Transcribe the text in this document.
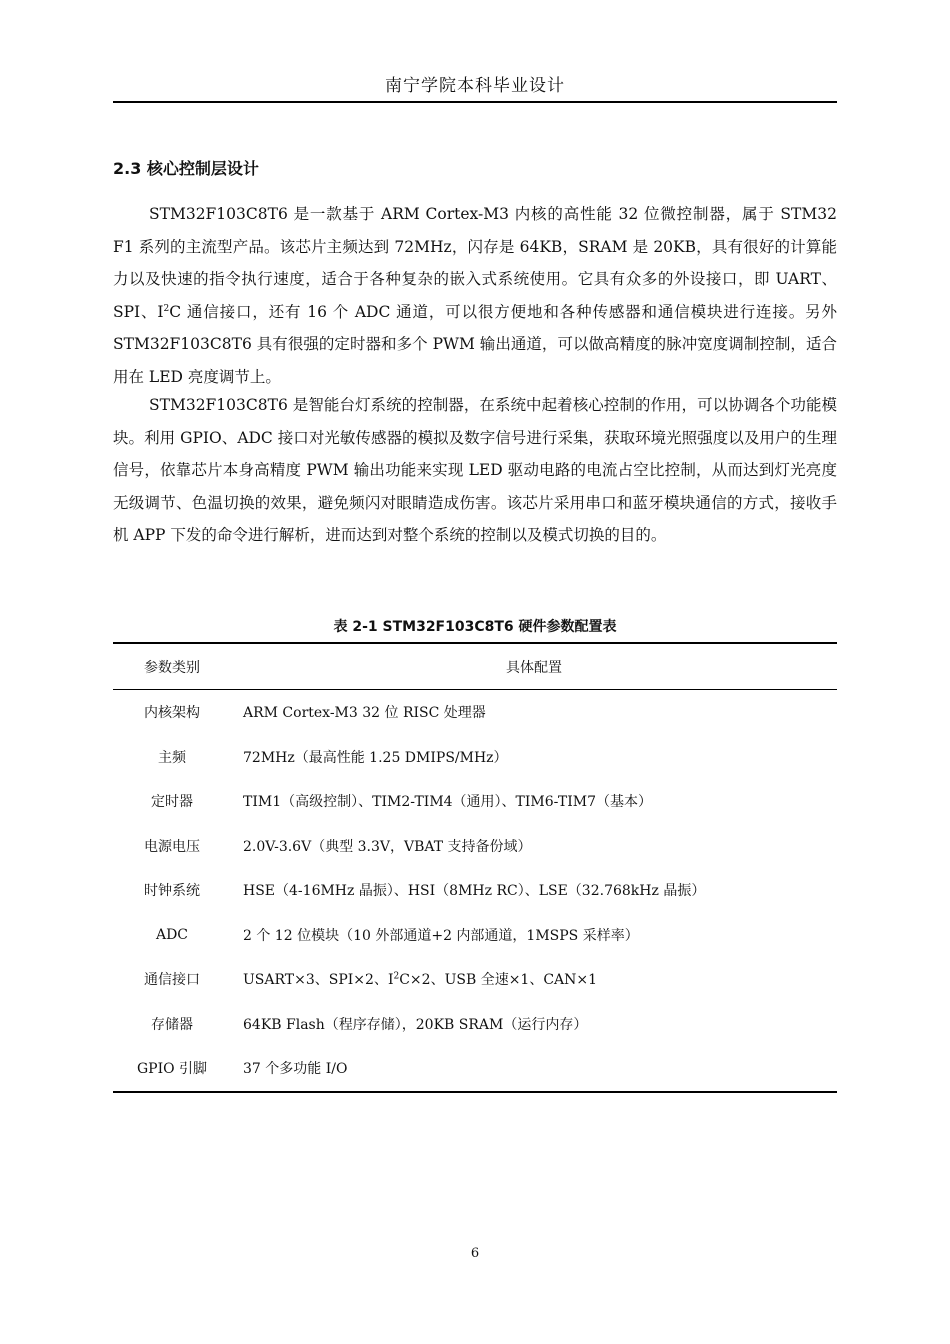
南宁学院本科毕业设计
2.3 核心控制层设计

STM32F103C8T6 是一款基于 ARM Cortex-M3 内核的高性能 32 位微控制器，属于 STM32 F1 系列的主流型产品。该芯片主频达到 72MHz，闪存是 64KB，SRAM 是 20KB，具有很好的计算能力以及快速的指令执行速度，适合于各种复杂的嵌入式系统使用。它具有众多的外设接口，即 UART、SPI、$I^2C$ 通信接口，还有 16 个 ADC 通道，可以很方便地和各种传感器和通信模块进行连接。另外 STM32F103C8T6 具有很强的定时器和多个 PWM 输出通道，可以做高精度的脉冲宽度调制控制，适合用在 LED 亮度调节上。

STM32F103C8T6 是智能台灯系统的控制器，在系统中起着核心控制的作用，可以协调各个功能模块。利用 GPIO、ADC 接口对光敏传感器的模拟及数字信号进行采集，获取环境光照强度以及用户的生理信号，依靠芯片本身高精度 PWM 输出功能来实现 LED 驱动电路的电流占空比控制，从而达到灯光亮度无级调节、色温切换的效果，避免频闪对眼睛造成伤害。该芯片采用串口和蓝牙模块通信的方式，接收手机 APP 下发的命令进行解析，进而达到对整个系统的控制以及模式切换的目的。

表 2-1 STM32F103C8T6 硬件参数配置表
参数类别	具体配置
内核架构	ARM Cortex-M3 32 位 RISC 处理器
主频	72MHz（最高性能 1.25 DMIPS/MHz）
定时器	TIM1（高级控制）、TIM2-TIM4（通用）、TIM6-TIM7（基本）
电源电压	2.0V-3.6V（典型 3.3V，VBAT 支持备份域）
时钟系统	HSE（4-16MHz 晶振）、HSI（8MHz RC）、LSE（32.768kHz 晶振）
ADC	2 个 12 位模块（10 外部通道+2 内部通道，1MSPS 采样率）
通信接口	USART×3、SPI×2、$I^2C\times 2$、USB 全速×1、CAN×1
存储器	64KB Flash（程序存储），20KB SRAM（运行内存）
GPIO 引脚	37 个多功能 I/O
6
